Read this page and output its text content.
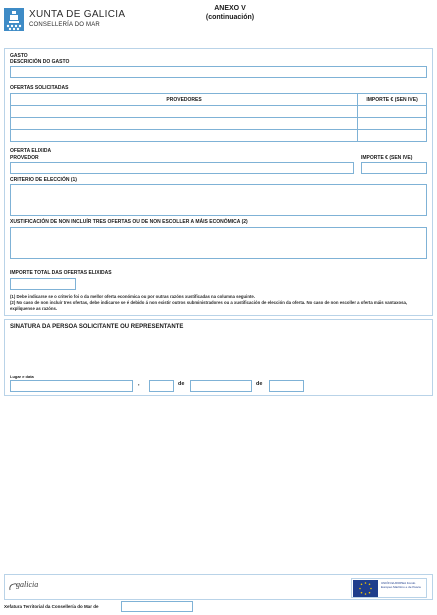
XUNTA DE GALICIA
CONSELLERÍA DO MAR
ANEXO V
(continuación)
GASTO
DESCRICIÓN DO GASTO
OFERTAS SOLICITADAS
PROVEDORES	IMPORTE € (SEN IVE)

OFERTA ELIXIDA
PROVEDOR	IMPORTE € (SEN IVE)
CRITERIO DE ELECCIÓN (1)
XUSTIFICACIÓN DE NON INCLUÍR TRES OFERTAS OU DE NON ESCOLLER A MÁIS ECONÓMICA (2)
IMPORTE TOTAL DAS OFERTAS ELIXIDAS
(1) Debe indicarse se o criterio foi o da mellor oferta económica ou por outras razóns xustificadas na columna seguinte.
(2) No caso de non incluír tres ofertas, debe indicarse se é debido á non existir outros subministradores ou a xustificación de elección da oferta. No caso de non escoller a oferta máis vantaxosa, explíquense as razóns.
SINATURA DA PERSOA SOLICITANTE OU REPRESENTANTE
Lugar e data
,	de	de
galicia	UNIÓN EUROPEA Fondo Europeo Marítimo e de Pesca
Xefatura Territorial da Consellería do Mar de
